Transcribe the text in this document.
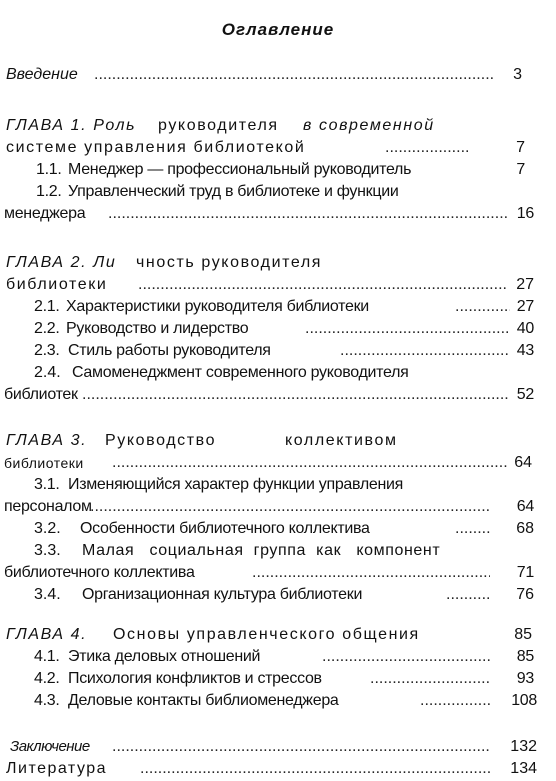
Оглавление
Введение .....	3
ГЛАВА 1. Роль руководителя в современной
системе управления библиотекой .....	7
1.1. Менеджер — профессиональный руководитель	7
1.2. Управленческий труд в библиотеке и функции
менеджера .....	16
ГЛАВА 2. Ли чность руководителя
библиотеки .....	27
2.1. Характеристики руководителя библиотеки .....	27
2.2. Руководство и лидерство .....	40
2.3. Стиль работы руководителя .....	43
2.4. Самоменеджмент современного руководителя
библиотек .....	52
ГЛАВА 3. Руководство	коллективом
библиотеки .....	64
3.1. Изменяющийся характер функции управления
персоналом .....	64
3.2. Особенности библиотечного коллектива .....	68
3.3. Малая   социальная  группа  как   компонент
библиотечного коллектива .....	71
3.4. Организационная культура библиотеки .....	76
ГЛАВА 4. Основы управленческого общения	85
4.1. Этика деловых отношений .....	85
4.2. Психология конфликтов и стрессов .....	93
4.3. Деловые контакты библиоменеджера .....	108
Заключение .....	132
Литература .....	134
